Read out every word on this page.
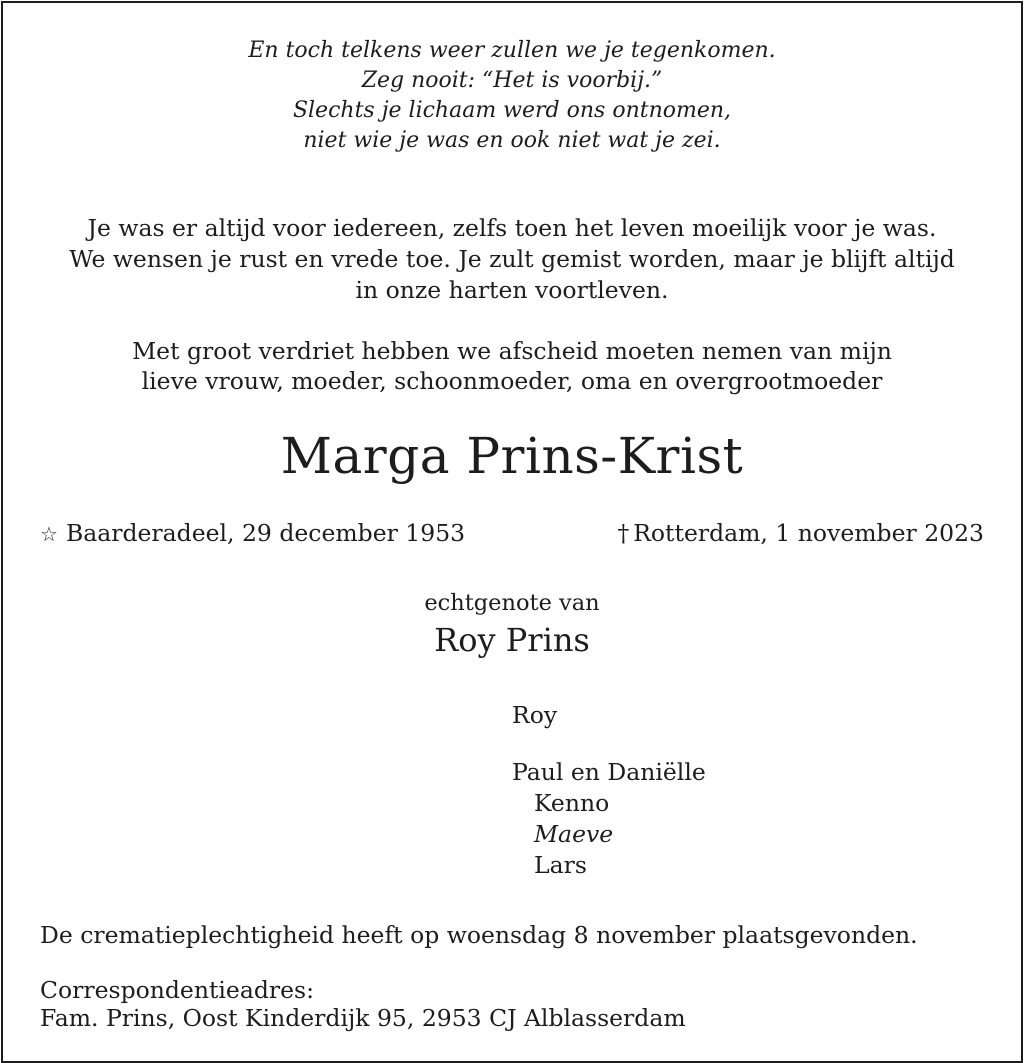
En toch telkens weer zullen we je tegenkomen.
Zeg nooit: “Het is voorbij.”
Slechts je lichaam werd ons ontnomen,
niet wie je was en ook niet wat je zei.
Je was er altijd voor iedereen, zelfs toen het leven moeilijk voor je was.
We wensen je rust en vrede toe. Je zult gemist worden, maar je blijft altijd
in onze harten voortleven.
Met groot verdriet hebben we afscheid moeten nemen van mijn
lieve vrouw, moeder, schoonmoeder, oma en overgrootmoeder
Marga Prins-Krist
☆ Baarderadeel, 29 december 1953	† Rotterdam, 1 november 2023
echtgenote van
Roy Prins
Roy
Paul en Daniëlle
Kenno
Maeve
Lars
De crematieplechtigheid heeft op woensdag 8 november plaatsgevonden.
Correspondentieadres:
Fam. Prins, Oost Kinderdijk 95, 2953 CJ Alblasserdam
